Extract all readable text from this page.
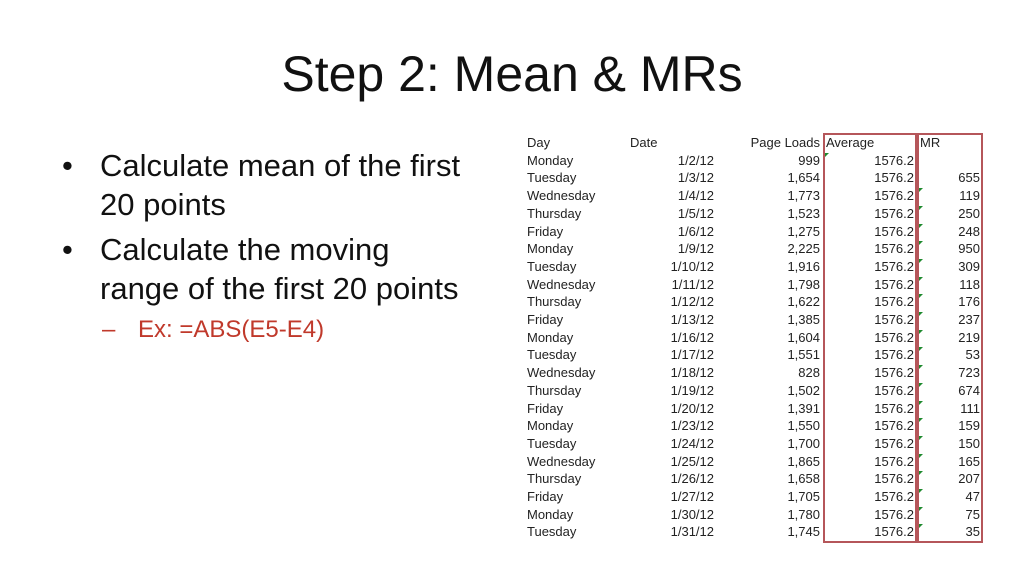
Step 2: Mean & MRs
• Calculate mean of the first 20 points
• Calculate the moving range of the first 20 points
– Ex: =ABS(E5-E4)
Day	Date	Page Loads	Average	MR
Monday	1/2/12	999	1576.2	
Tuesday	1/3/12	1,654	1576.2	655
Wednesday	1/4/12	1,773	1576.2	119
Thursday	1/5/12	1,523	1576.2	250
Friday	1/6/12	1,275	1576.2	248
Monday	1/9/12	2,225	1576.2	950
Tuesday	1/10/12	1,916	1576.2	309
Wednesday	1/11/12	1,798	1576.2	118
Thursday	1/12/12	1,622	1576.2	176
Friday	1/13/12	1,385	1576.2	237
Monday	1/16/12	1,604	1576.2	219
Tuesday	1/17/12	1,551	1576.2	53
Wednesday	1/18/12	828	1576.2	723
Thursday	1/19/12	1,502	1576.2	674
Friday	1/20/12	1,391	1576.2	111
Monday	1/23/12	1,550	1576.2	159
Tuesday	1/24/12	1,700	1576.2	150
Wednesday	1/25/12	1,865	1576.2	165
Thursday	1/26/12	1,658	1576.2	207
Friday	1/27/12	1,705	1576.2	47
Monday	1/30/12	1,780	1576.2	75
Tuesday	1/31/12	1,745	1576.2	35
